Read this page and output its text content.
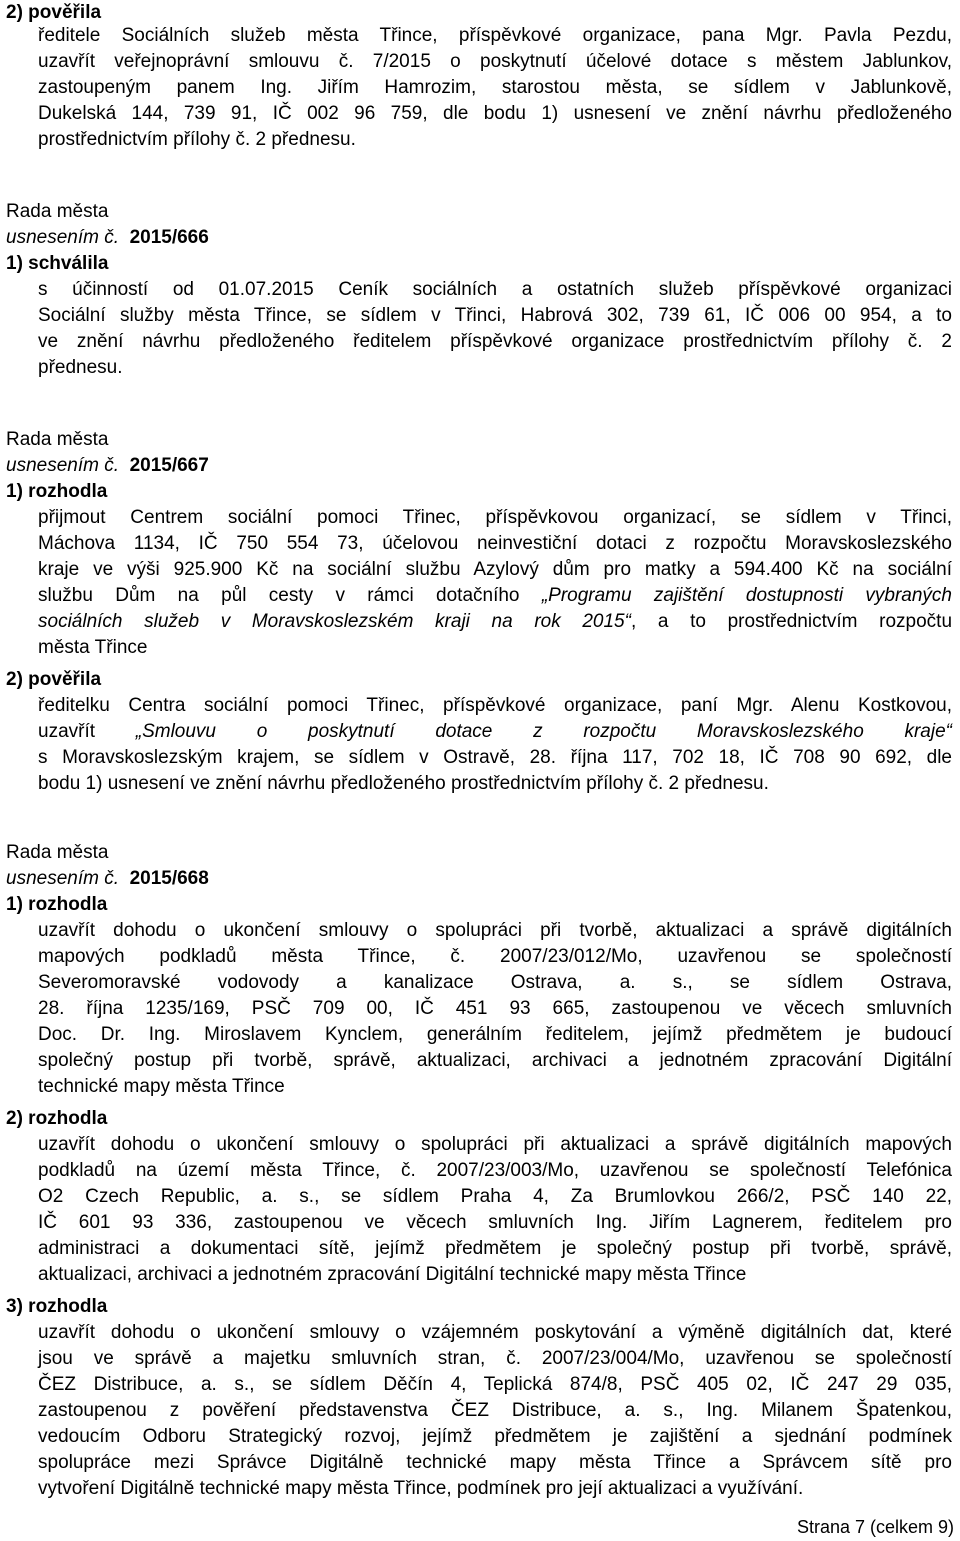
2) pověřila
ředitele Sociálních služeb města Třince, příspěvkové organizace, pana Mgr. Pavla Pezdu,
uzavřít veřejnoprávní smlouvu č. 7/2015 o poskytnutí účelové dotace s městem Jablunkov,
zastoupeným panem Ing. Jiřím Hamrozim, starostou města, se sídlem v Jablunkově,
Dukelská 144, 739 91, IČ 002 96 759, dle bodu 1) usnesení ve znění návrhu předloženého
prostřednictvím přílohy č. 2 přednesu.
Rada města
usnesením č. 2015/666
1) schválila
s účinností od 01.07.2015 Ceník sociálních a ostatních služeb příspěvkové organizaci
Sociální služby města Třince, se sídlem v Třinci, Habrová 302, 739 61, IČ 006 00 954, a to
ve znění návrhu předloženého ředitelem příspěvkové organizace prostřednictvím přílohy č. 2
přednesu.
Rada města
usnesením č. 2015/667
1) rozhodla
přijmout Centrem sociální pomoci Třinec, příspěvkovou organizací, se sídlem v Třinci,
Máchova 1134, IČ 750 554 73, účelovou neinvestiční dotaci z rozpočtu Moravskoslezského
kraje ve výši 925.900 Kč na sociální službu Azylový dům pro matky a 594.400 Kč na sociální
službu Dům na půl cesty v rámci dotačního „Programu zajištění dostupnosti vybraných
sociálních služeb v Moravskoslezském kraji na rok 2015“, a to prostřednictvím rozpočtu
města Třince
2) pověřila
ředitelku Centra sociální pomoci Třinec, příspěvkové organizace, paní Mgr. Alenu Kostkovou,
uzavřít „Smlouvu o poskytnutí dotace z rozpočtu Moravskoslezského kraje“
s Moravskoslezským krajem, se sídlem v Ostravě, 28. října 117, 702 18, IČ 708 90 692, dle
bodu 1) usnesení ve znění návrhu předloženého prostřednictvím přílohy č. 2 přednesu.
Rada města
usnesením č. 2015/668
1) rozhodla
uzavřít dohodu o ukončení smlouvy o spolupráci při tvorbě, aktualizaci a správě digitálních
mapových podkladů města Třince, č. 2007/23/012/Mo, uzavřenou se společností
Severomoravské vodovody a kanalizace Ostrava, a. s., se sídlem Ostrava,
28. října 1235/169, PSČ 709 00, IČ 451 93 665, zastoupenou ve věcech smluvních
Doc. Dr. Ing. Miroslavem Kynclem, generálním ředitelem, jejímž předmětem je budoucí
společný postup při tvorbě, správě, aktualizaci, archivaci a jednotném zpracování Digitální
technické mapy města Třince
2) rozhodla
uzavřít dohodu o ukončení smlouvy o spolupráci při aktualizaci a správě digitálních mapových
podkladů na území města Třince, č. 2007/23/003/Mo, uzavřenou se společností Telefónica
O2 Czech Republic, a. s., se sídlem Praha 4, Za Brumlovkou 266/2, PSČ 140 22,
IČ 601 93 336, zastoupenou ve věcech smluvních Ing. Jiřím Lagnerem, ředitelem pro
administraci a dokumentaci sítě, jejímž předmětem je společný postup při tvorbě, správě,
aktualizaci, archivaci a jednotném zpracování Digitální technické mapy města Třince
3) rozhodla
uzavřít dohodu o ukončení smlouvy o vzájemném poskytování a výměně digitálních dat, které
jsou ve správě a majetku smluvních stran, č. 2007/23/004/Mo, uzavřenou se společností
ČEZ Distribuce, a. s., se sídlem Děčín 4, Teplická 874/8, PSČ 405 02, IČ 247 29 035,
zastoupenou z pověření představenstva ČEZ Distribuce, a. s., Ing. Milanem Špatenkou,
vedoucím Odboru Strategický rozvoj, jejímž předmětem je zajištění a sjednání podmínek
spolupráce mezi Správce Digitálně technické mapy města Třince a Správcem sítě pro
vytvoření Digitálně technické mapy města Třince, podmínek pro její aktualizaci a využívání.
Strana 7 (celkem 9)
